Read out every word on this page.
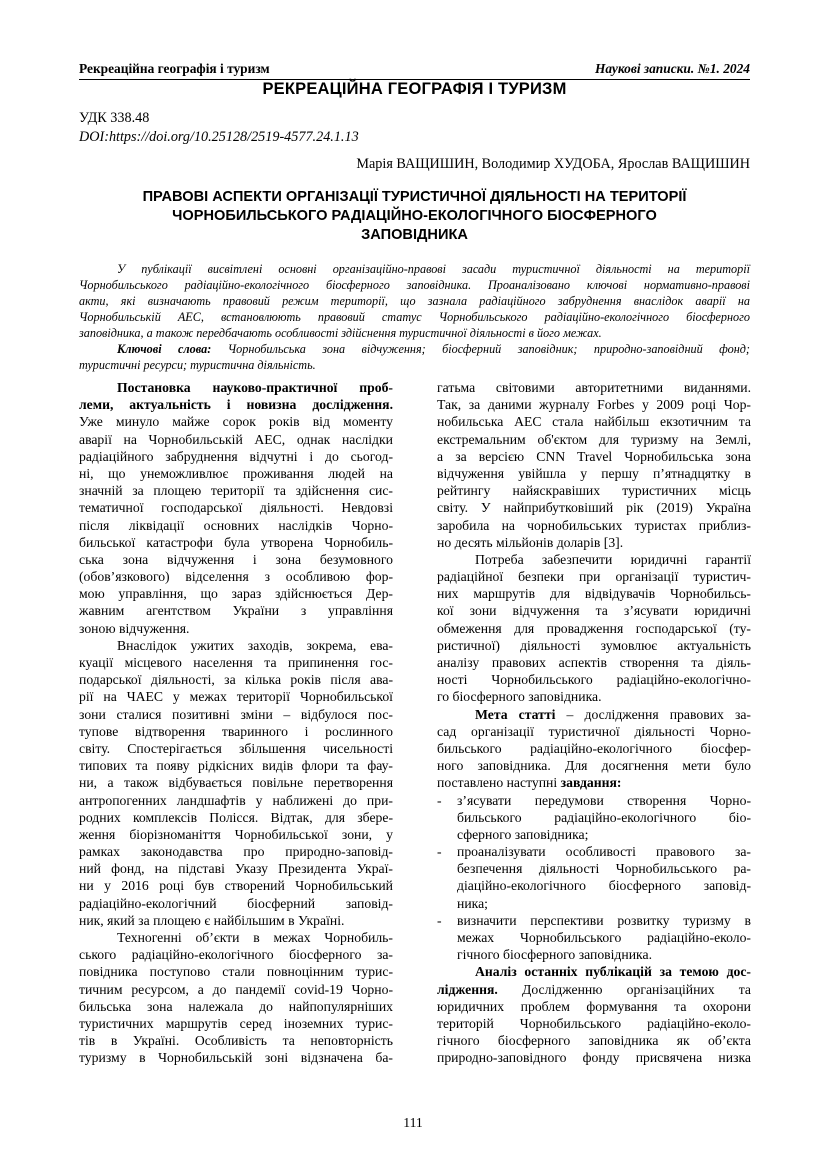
Рекреаційна географія і туризм	Наукові записки. №1. 2024
РЕКРЕАЦІЙНА ГЕОГРАФІЯ І ТУРИЗМ
УДК 338.48
DOI:https://doi.org/10.25128/2519-4577.24.1.13
Марія ВАЩИШИН, Володимир ХУДОБА, Ярослав ВАЩИШИН
ПРАВОВІ АСПЕКТИ ОРГАНІЗАЦІЇ ТУРИСТИЧНОЇ ДІЯЛЬНОСТІ НА ТЕРИТОРІЇ
ЧОРНОБИЛЬСЬКОГО РАДІАЦІЙНО-ЕКОЛОГІЧНОГО БІОСФЕРНОГО
ЗАПОВІДНИКА
У публікації висвітлені основні організаційно-правові засади туристичної діяльності на території
Чорнобильського радіаційно-екологічного біосферного заповідника. Проаналізовано ключові нормативно-правові
акти, які визначають правовий режим території, що зазнала радіаційного забруднення внаслідок аварії на
Чорнобильській АЕС, встановлюють правовий статус Чорнобильського радіаційно-екологічного біосферного
заповідника, а також передбачають особливості здійснення туристичної діяльності в його межах.
Ключові слова: Чорнобильська зона відчуження; біосферний заповідник; природно-заповідний фонд;
туристичні ресурси; туристична діяльність.
Постановка науково-практичної проб-
леми, актуальність і новизна дослідження.
Уже минуло майже сорок років від моменту
аварії на Чорнобильській АЕС, однак наслідки
радіаційного забруднення відчутні і до сьогод-
ні, що унеможливлює проживання людей на
значній за площею території та здійснення сис-
тематичної господарської діяльності. Невдовзі
після ліквідації основних наслідків Чорно-
бильської катастрофи була утворена Чорнобиль-
ська зона відчуження і зона безумовного
(обов’язкового) відселення з особливою фор-
мою управління, що зараз здійснюється Дер-
жавним агентством України з управління
зоною відчуження.
Внаслідок ужитих заходів, зокрема, ева-
куації місцевого населення та припинення гос-
подарської діяльності, за кілька років після ава-
рії на ЧАЕС у межах території Чорнобильської
зони сталися позитивні зміни – відбулося пос-
тупове відтворення тваринного і рослинного
світу. Спостерігається збільшення чисельності
типових та появу рідкісних видів флори та фау-
ни, а також відбувається повільне перетворення
антропогенних ландшафтів у наближені до при-
родних комплексів Полісся. Відтак, для збере-
ження біорізноманіття Чорнобильської зони, у
рамках законодавства про природно-заповід-
ний фонд, на підставі Указу Президента Украї-
ни у 2016 році був створений Чорнобильський
радіаційно-екологічний біосферний заповід-
ник, який за площею є найбільшим в Україні.
Техногенні об’єкти в межах Чорнобиль-
ського радіаційно-екологічного біосферного за-
повідника поступово стали повноцінним турис-
тичним ресурсом, а до пандемії covid-19 Чорно-
бильська зона належала до найпопулярніших
туристичних маршрутів серед іноземних турис-
тів в Україні. Особливість та неповторність
туризму в Чорнобильській зоні відзначена ба-
гатьма світовими авторитетними виданнями.
Так, за даними журналу Forbes у 2009 році Чор-
нобильська АЕС стала найбільш екзотичним та
екстремальним об'єктом для туризму на Землі,
а за версією CNN Travel Чорнобильська зона
відчуження увійшла у першу п’ятнадцятку в
рейтингу найяскравіших туристичних місць
світу. У найприбутковіший рік (2019) Україна
заробила на чорнобильських туристах приблиз-
но десять мільйонів доларів [3].
Потреба забезпечити юридичні гарантії
радіаційної безпеки при організації туристич-
них маршрутів для відвідувачів Чорнобильсь-
кої зони відчуження та з’ясувати юридичні
обмеження для провадження господарської (ту-
ристичної) діяльності зумовлює актуальність
аналізу правових аспектів створення та діяль-
ності Чорнобильського радіаційно-екологічно-
го біосферного заповідника.
Мета статті – дослідження правових за-
сад організації туристичної діяльності Чорно-
бильського радіаційно-екологічного біосфер-
ного заповідника. Для досягнення мети було
поставлено наступні завдання:
з’ясувати передумови створення Чорно-
-
бильського радіаційно-екологічного біо-
сферного заповідника;
проаналізувати особливості правового за-
-
безпечення діяльності Чорнобильського ра-
діаційно-екологічного біосферного заповід-
ника;
визначити перспективи розвитку туризму в
-
межах Чорнобильського радіаційно-еколо-
гічного біосферного заповідника.
Аналіз останніх публікацій за темою дос-
лідження. Дослідженню організаційних та
юридичних проблем формування та охорони
територій Чорнобильського радіаційно-еколо-
гічного біосферного заповідника як об’єкта
природно-заповідного фонду присвячена низка
111
